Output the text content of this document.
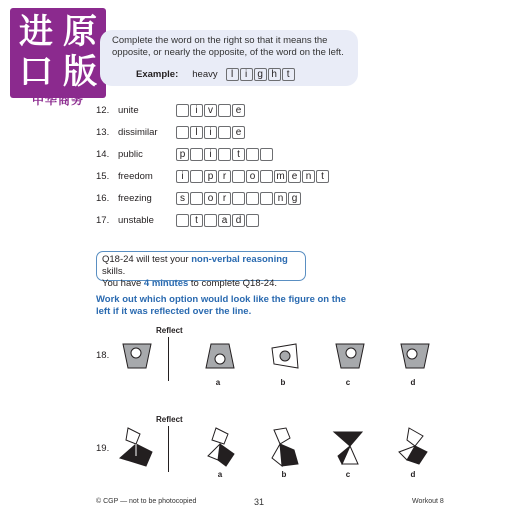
进 原
口 版
中华商务
Complete the word on the right so that it means the opposite, or nearly the opposite, of the word on the left.
Example: heavy	l	i	g h t
12. unite	i	v	e
13. dissimilar	l	i	e
14. public	p	i	t
15. freedom	i	p r	o	m e n t
16. freezing	s	o r	n g
17. unstable	t	a d
Q18-24 will test your non-verbal reasoning skills.
You have 4 minutes to complete Q18-24.
Work out which option would look like the figure on the left if it was reflected over the line.
Reflect
18.
a	b	c	d
Reflect
19.
a	b	c	d
© CGP — not to be photocopied	31	Workout 8
